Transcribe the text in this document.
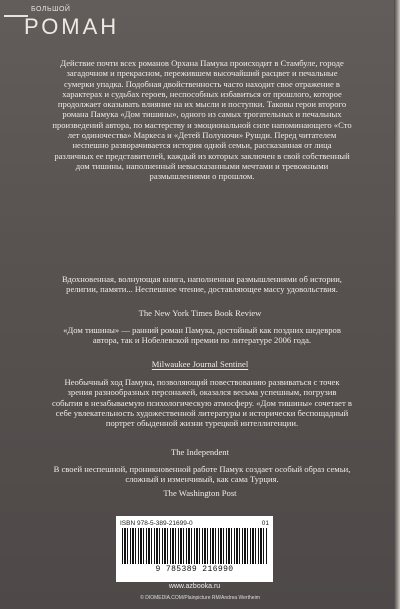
БОЛЬШОЙ
РОМАН

Действие почти всех романов Орхана Памука происходит в Стамбуле, городе загадочном и прекрасном, пережившем высочайший расцвет и печальные сумерки упадка. Подобная двойственность часто находит свое отражение в характерах и судьбах героев, неспособных избавиться от прошлого, которое продолжает оказывать влияние на их мысли и поступки. Таковы герои второго романа Памука «Дом тишины», одного из самых трогательных и печальных произведений автора, по мастерству и эмоциональной силе напоминающего «Сто лет одиночества» Маркеса и «Детей Полуночи» Рушди. Перед читателем неспешно разворачивается история одной семьи, рассказанная от лица различных ее представителей, каждый из которых заключен в свой собственный дом тишины, наполненный невысказанными мечтами и тревожными размышлениями о прошлом.

Вдохновенная, волнующая книга, наполненная размышлениями об истории, религии, памяти... Неспешное чтение, доставляющее массу удовольствия.

The New York Times Book Review

«Дом тишины» — ранний роман Памука, достойный как поздних шедевров автора, так и Нобелевской премии по литературе 2006 года.

Milwaukee Journal Sentinel

Необычный ход Памука, позволяющий повествованию развиваться с точек зрения разнообразных персонажей, оказался весьма успешным, погрузив события в незабываемую психологическую атмосферу. «Дом тишины» сочетает в себе увлекательность художественной литературы и исторически беспощадный портрет обыденной жизни турецкой интеллигенции.

The Independent

В своей неспешной, проникновенной работе Памук создает особый образ семьи, сложный и изменчивый, как сама Турция.

The Washington Post

ISBN 978-5-389-21699-0	01
9 785389 216990
www.azbooka.ru
© DIOMEDIA.COM/Plainpicture RM/Andrea Wertheim
